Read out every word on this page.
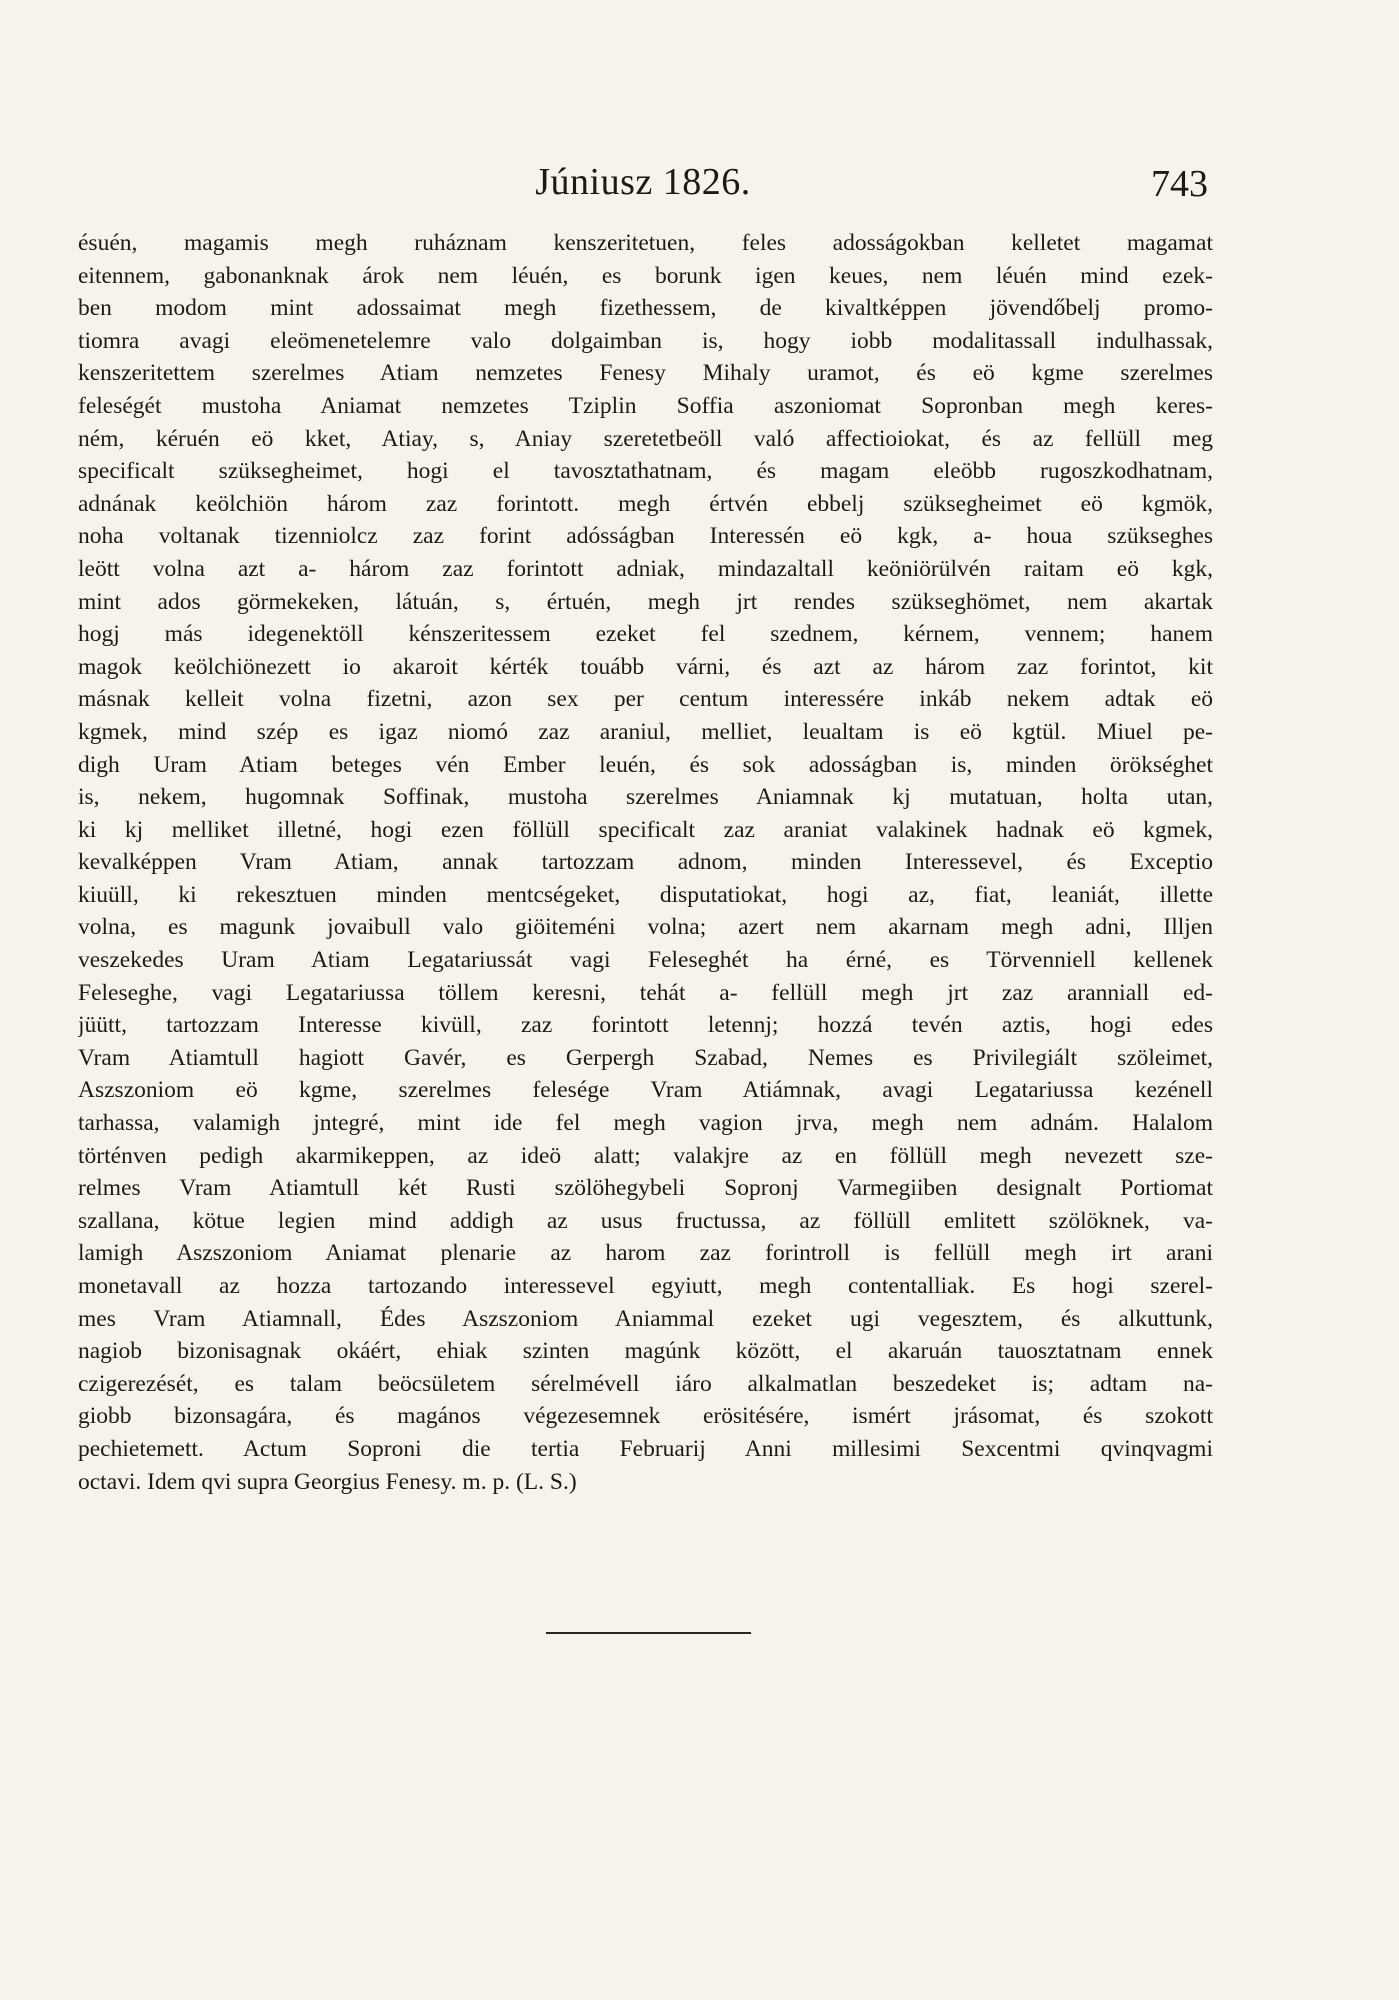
Júniusz 1826.	743
ésuén, magamis megh ruháznam kenszeritetuen, feles adosságokban kelletet magamat
eitennem, gabonanknak árok nem léuén, es borunk igen keues, nem léuén mind ezek-
ben modom mint adossaimat megh fizethessem, de kivaltképpen jövendőbelj promo-
tiomra avagi eleömenetelemre valo dolgaimban is, hogy iobb modalitassall indulhassak,
kenszeritettem szerelmes Atiam nemzetes Fenesy Mihaly uramot, és eö kgme szerelmes
feleségét mustoha Aniamat nemzetes Tziplin Soffia aszoniomat Sopronban megh keres-
ném, kéruén eö kket, Atiay, s, Aniay szeretetbeöll való affectioiokat, és az fellüll meg
specificalt szüksegheimet, hogi el tavosztathatnam, és magam eleöbb rugoszkodhatnam,
adnának keölchiön három zaz forintott. megh értvén ebbelj szüksegheimet eö kgmök,
noha voltanak tizenniolcz zaz forint adósságban Interessén eö kgk, a- houa szükseghes
leött volna azt a- három zaz forintott adniak, mindazaltall keöniörülvén raitam eö kgk,
mint ados görmekeken, látuán, s, értuén, megh jrt rendes szükseghömet, nem akartak
hogj más idegenektöll kénszeritessem ezeket fel szednem, kérnem, vennem; hanem
magok keölchiönezett io akaroit kérték touább várni, és azt az három zaz forintot, kit
másnak kelleit volna fizetni, azon sex per centum interessére inkáb nekem adtak eö
kgmek, mind szép es igaz niomó zaz araniul, melliet, leualtam is eö kgtül. Miuel pe-
digh Uram Atiam beteges vén Ember leuén, és sok adosságban is, minden örökséghet
is, nekem, hugomnak Soffinak, mustoha szerelmes Aniamnak kj mutatuan, holta utan,
ki kj melliket illetné, hogi ezen föllüll specificalt zaz araniat valakinek hadnak eö kgmek,
kevalképpen Vram Atiam, annak tartozzam adnom, minden Interessevel, és Exceptio
kiuüll, ki rekesztuen minden mentcségeket, disputatiokat, hogi az, fiat, leaniát, illette
volna, es magunk jovaibull valo giöiteméni volna; azert nem akarnam megh adni, Illjen
veszekedes Uram Atiam Legatariussát vagi Feleseghét ha érné, es Törvenniell kellenek
Feleseghe, vagi Legatariussa töllem keresni, tehát a- fellüll megh jrt zaz aranniall ed-
jüütt, tartozzam Interesse kivüll, zaz forintott letennj; hozzá tevén aztis, hogi edes
Vram Atiamtull hagiott Gavér, es Gerpergh Szabad, Nemes es Privilegiált szöleimet,
Aszszoniom eö kgme, szerelmes felesége Vram Atiámnak, avagi Legatariussa kezénell
tarhassa, valamigh jntegré, mint ide fel megh vagion jrva, megh nem adnám. Halalom
történven pedigh akarmikeppen, az ideö alatt; valakjre az en föllüll megh nevezett sze-
relmes Vram Atiamtull két Rusti szölöhegybeli Sopronj Varmegiiben designalt Portiomat
szallana, kötue legien mind addigh az usus fructussa, az föllüll emlitett szölöknek, va-
lamigh Aszszoniom Aniamat plenarie az harom zaz forintroll is fellüll megh irt arani
monetavall az hozza tartozando interessevel egyiutt, megh contentalliak. Es hogi szerel-
mes Vram Atiamnall, Édes Aszszoniom Aniammal ezeket ugi vegesztem, és alkuttunk,
nagiob bizonisagnak okáért, ehiak szinten magúnk között, el akaruán tauosztatnam ennek
czigerezését, es talam beöcsületem sérelmévell iáro alkalmatlan beszedeket is; adtam na-
giobb bizonsagára, és magános végezesemnek erösitésére, ismért jrásomat, és szokott
pechietemett. Actum Soproni die tertia Februarij Anni millesimi Sexcentmi qvinqvagmi
octavi. Idem qvi supra Georgius Fenesy. m. p. (L. S.)
